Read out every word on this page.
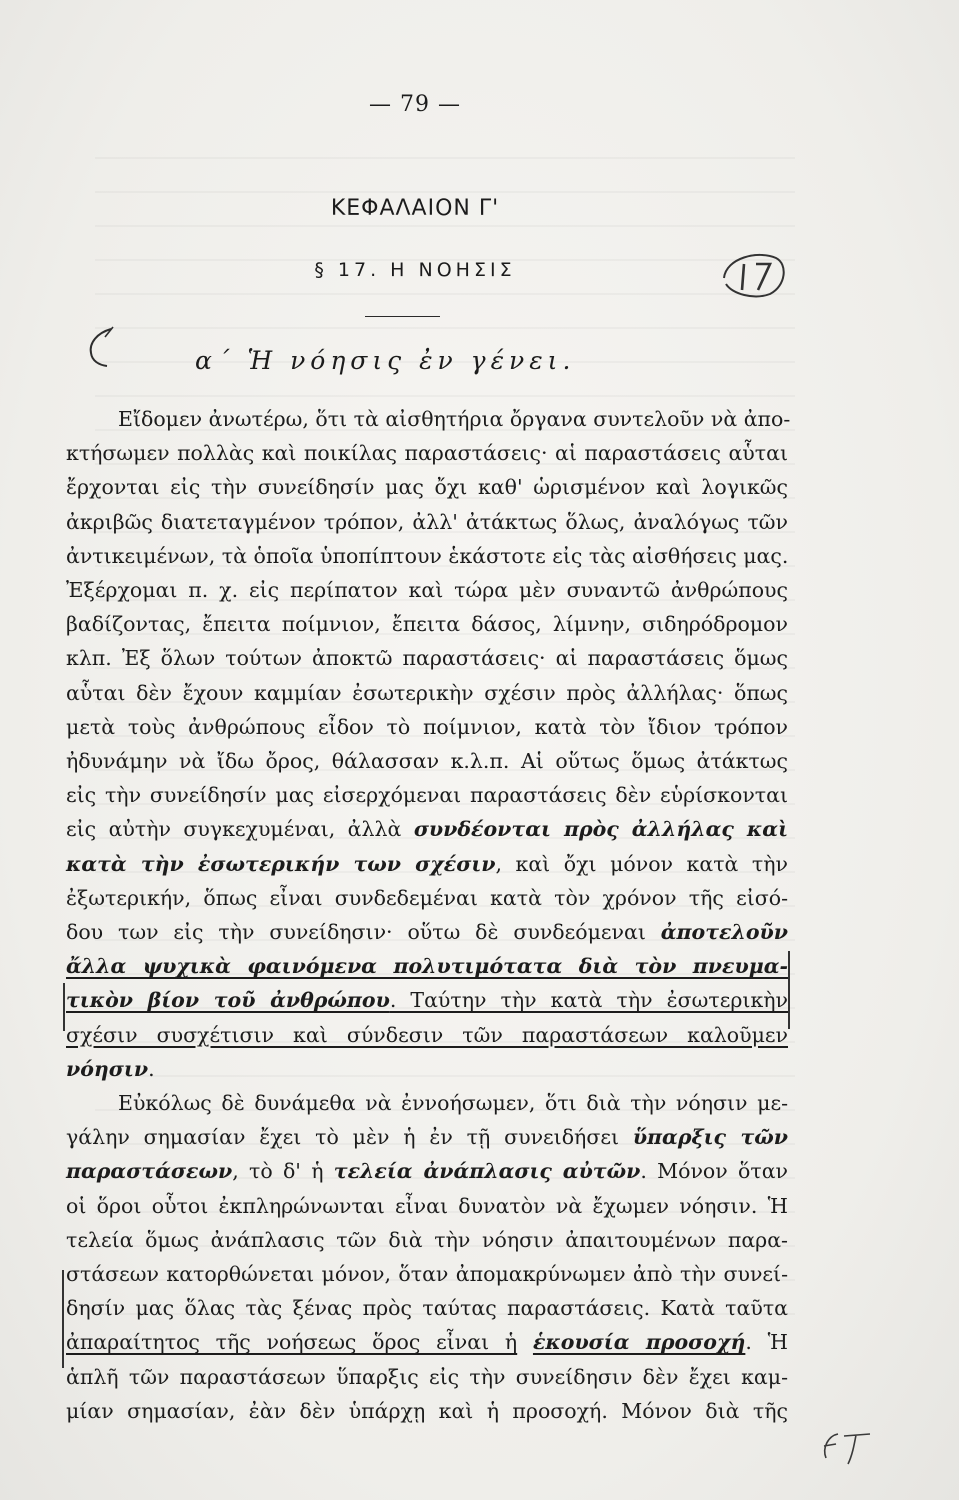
— 79 —
ΚΕΦΑΛΑΙΟΝ Γ'
§ 17. Η ΝΟΗΣΙΣ
α΄ Ἡ νόησις ἐν γένει.
Εἴδομεν ἀνωτέρω, ὅτι τὰ αἰσθητήρια ὄργανα συντελοῦν νὰ ἀπο-
κτήσωμεν πολλὰς καὶ ποικίλας παραστάσεις· αἱ παραστάσεις αὗται
ἔρχονται εἰς τὴν συνείδησίν μας ὄχι καθ' ὡρισμένον καὶ λογικῶς
ἀκριβῶς διατεταγμένον τρόπον, ἀλλ' ἀτάκτως ὅλως, ἀναλόγως τῶν
ἀντικειμένων, τὰ ὁποῖα ὑποπίπτουν ἑκάστοτε εἰς τὰς αἰσθήσεις μας.
Ἐξέρχομαι π. χ. εἰς περίπατον καὶ τώρα μὲν συναντῶ ἀνθρώπους
βαδίζοντας, ἔπειτα ποίμνιον, ἔπειτα δάσος, λίμνην, σιδηρόδρομον
κλπ. Ἐξ ὅλων τούτων ἀποκτῶ παραστάσεις· αἱ παραστάσεις ὅμως
αὗται δὲν ἔχουν καμμίαν ἐσωτερικὴν σχέσιν πρὸς ἀλλήλας· ὅπως
μετὰ τοὺς ἀνθρώπους εἶδον τὸ ποίμνιον, κατὰ τὸν ἴδιον τρόπον
ἠδυνάμην νὰ ἴδω ὄρος, θάλασσαν κ.λ.π. Αἱ οὕτως ὅμως ἀτάκτως
εἰς τὴν συνείδησίν μας εἰσερχόμεναι παραστάσεις δὲν εὑρίσκονται
εἰς αὐτὴν συγκεχυμέναι, ἀλλὰ συνδέονται πρὸς ἀλλήλας καὶ
κατὰ τὴν ἐσωτερικήν των σχέσιν, καὶ ὄχι μόνον κατὰ τὴν
ἐξωτερικήν, ὅπως εἶναι συνδεδεμέναι κατὰ τὸν χρόνον τῆς εἰσό-
δου των εἰς τὴν συνείδησιν· οὕτω δὲ συνδεόμεναι ἀποτελοῦν
ἄλλα ψυχικὰ φαινόμενα πολυτιμότατα διὰ τὸν πνευμα-
τικὸν βίον τοῦ ἀνθρώπου. Ταύτην τὴν κατὰ τὴν ἐσωτερικὴν
σχέσιν συσχέτισιν καὶ σύνδεσιν τῶν παραστάσεων καλοῦμεν
νόησιν.
Εὐκόλως δὲ δυνάμεθα νὰ ἐννοήσωμεν, ὅτι διὰ τὴν νόησιν με-
γάλην σημασίαν ἔχει τὸ μὲν ἡ ἐν τῇ συνειδήσει ὕπαρξις τῶν
παραστάσεων, τὸ δ' ἡ τελεία ἀνάπλασις αὐτῶν. Μόνον ὅταν
οἱ ὅροι οὗτοι ἐκπληρώνωνται εἶναι δυνατὸν νὰ ἔχωμεν νόησιν. Ἡ
τελεία ὅμως ἀνάπλασις τῶν διὰ τὴν νόησιν ἀπαιτουμένων παρα-
στάσεων κατορθώνεται μόνον, ὅταν ἀπομακρύνωμεν ἀπὸ τὴν συνεί-
δησίν μας ὅλας τὰς ξένας πρὸς ταύτας παραστάσεις. Κατὰ ταῦτα
ἀπαραίτητος τῆς νοήσεως ὅρος εἶναι ἡ ἑκουσία προσοχή. Ἡ
ἁπλῆ τῶν παραστάσεων ὕπαρξις εἰς τὴν συνείδησιν δὲν ἔχει καμ-
μίαν σημασίαν, ἐὰν δὲν ὑπάρχῃ καὶ ἡ προσοχή. Μόνον διὰ τῆς
